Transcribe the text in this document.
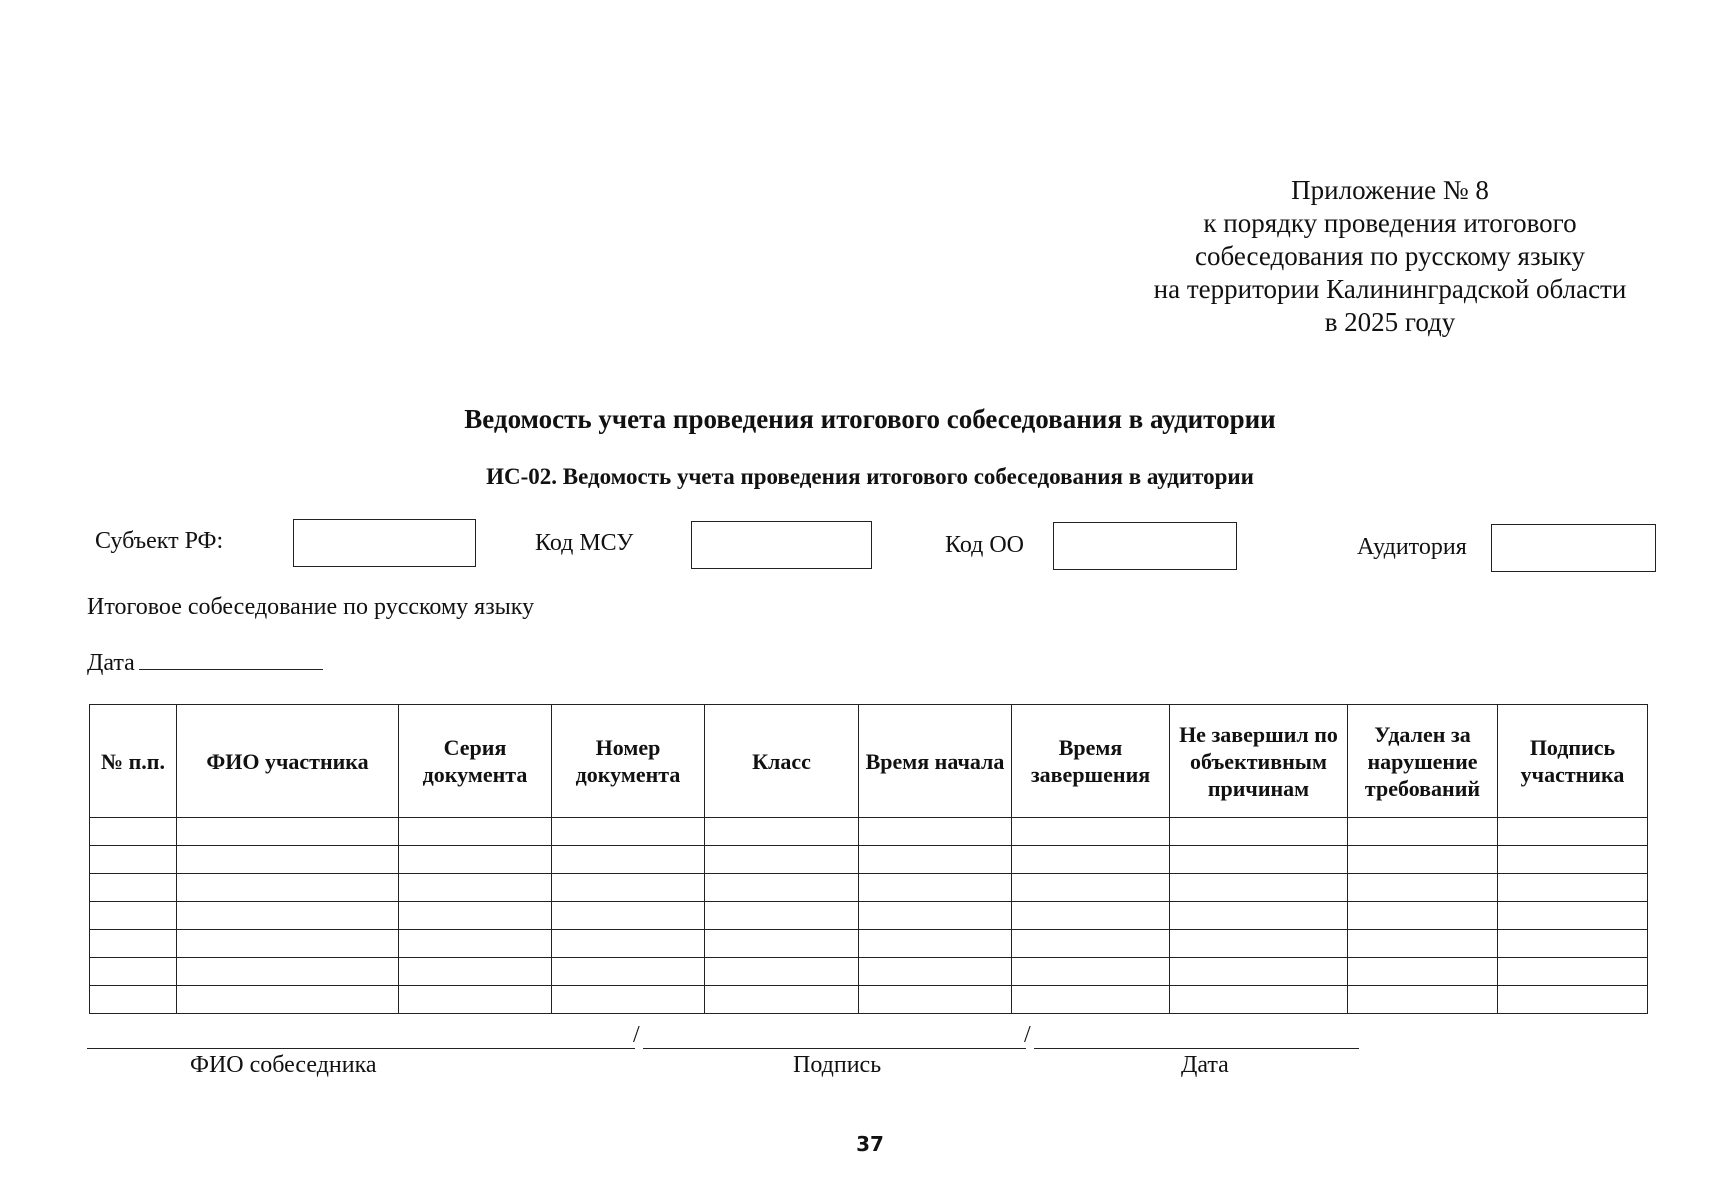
Приложение № 8
к порядку проведения итогового
собеседования по русскому языку
на территории Калининградской области
в 2025 году
Ведомость учета проведения итогового собеседования в аудитории
ИС-02. Ведомость учета проведения итогового собеседования в аудитории
Субъект РФ:	Код МСУ	Код ОО	Аудитория
Итоговое собеседование по русскому языку
Дата
№ п.п.	ФИО участника	Серия документа	Номер документа	Класс	Время начала	Время завершения	Не завершил по объективным причинам	Удален за нарушение требований	Подпись участника

/	/
ФИО собеседника	Подпись	Дата
37
